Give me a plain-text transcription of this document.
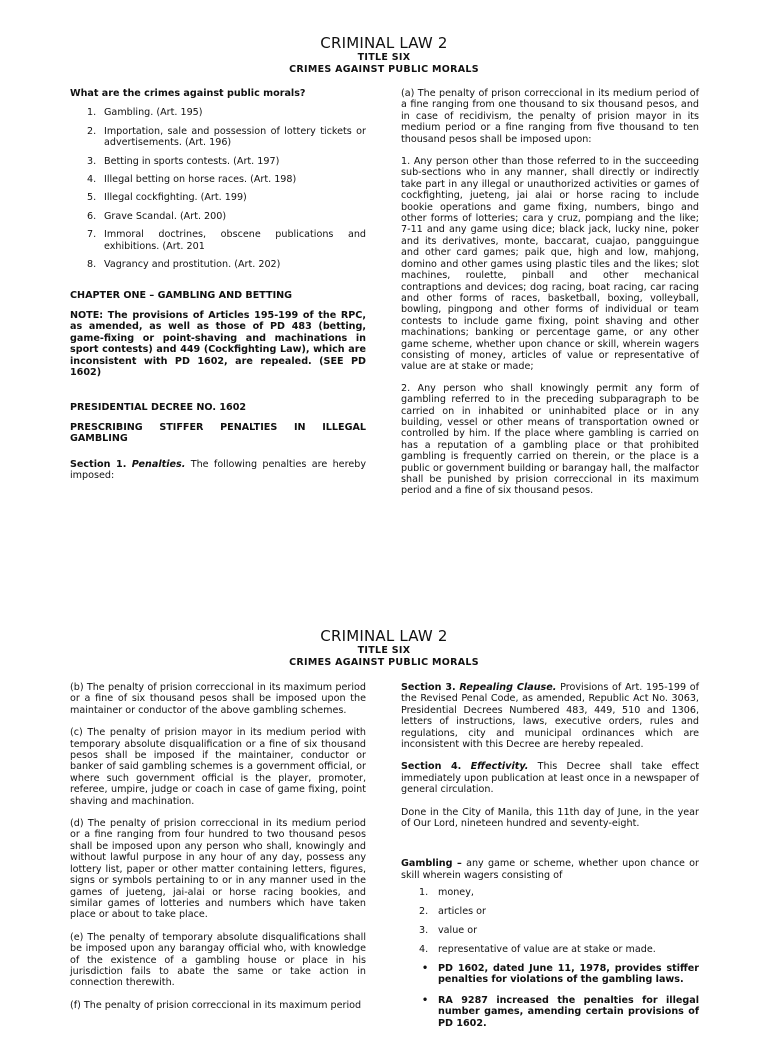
CRIMINAL LAW 2
TITLE SIX
CRIMES AGAINST PUBLIC MORALS

What are the crimes against public morals?

1. Gambling. (Art. 195)
2. Importation, sale and possession of lottery tickets or advertisements. (Art. 196)
3. Betting in sports contests. (Art. 197)
4. Illegal betting on horse races. (Art. 198)
5. Illegal cockfighting. (Art. 199)
6. Grave Scandal. (Art. 200)
7. Immoral doctrines, obscene publications and exhibitions. (Art. 201
8. Vagrancy and prostitution. (Art. 202)

CHAPTER ONE – GAMBLING AND BETTING

NOTE: The provisions of Articles 195-199 of the RPC, as amended, as well as those of PD 483 (betting, game-fixing or point-shaving and machinations in sport contests) and 449 (Cockfighting Law), which are inconsistent with PD 1602, are repealed. (SEE PD 1602)

PRESIDENTIAL DECREE NO. 1602

PRESCRIBING STIFFER PENALTIES IN ILLEGAL GAMBLING

Section 1. Penalties. The following penalties are hereby imposed:

(a) The penalty of prison correccional in its medium period of a fine ranging from one thousand to six thousand pesos, and in case of recidivism, the penalty of prision mayor in its medium period or a fine ranging from five thousand to ten thousand pesos shall be imposed upon:

1. Any person other than those referred to in the succeeding sub-sections who in any manner, shall directly or indirectly take part in any illegal or unauthorized activities or games of cockfighting, jueteng, jai alai or horse racing to include bookie operations and game fixing, numbers, bingo and other forms of lotteries; cara y cruz, pompiang and the like; 7-11 and any game using dice; black jack, lucky nine, poker and its derivatives, monte, baccarat, cuajao, pangguingue and other card games; paik que, high and low, mahjong, domino and other games using plastic tiles and the likes; slot machines, roulette, pinball and other mechanical contraptions and devices; dog racing, boat racing, car racing and other forms of races, basketball, boxing, volleyball, bowling, pingpong and other forms of individual or team contests to include game fixing, point shaving and other machinations; banking or percentage game, or any other game scheme, whether upon chance or skill, wherein wagers consisting of money, articles of value or representative of value are at stake or made;

2. Any person who shall knowingly permit any form of gambling referred to in the preceding subparagraph to be carried on in inhabited or uninhabited place or in any building, vessel or other means of transportation owned or controlled by him. If the place where gambling is carried on has a reputation of a gambling place or that prohibited gambling is frequently carried on therein, or the place is a public or government building or barangay hall, the malfactor shall be punished by prision correccional in its maximum period and a fine of six thousand pesos.

CRIMINAL LAW 2
TITLE SIX
CRIMES AGAINST PUBLIC MORALS

(b) The penalty of prision correccional in its maximum period or a fine of six thousand pesos shall be imposed upon the maintainer or conductor of the above gambling schemes.

(c) The penalty of prision mayor in its medium period with temporary absolute disqualification or a fine of six thousand pesos shall be imposed if the maintainer, conductor or banker of said gambling schemes is a government official, or where such government official is the player, promoter, referee, umpire, judge or coach in case of game fixing, point shaving and machination.

(d) The penalty of prision correccional in its medium period or a fine ranging from four hundred to two thousand pesos shall be imposed upon any person who shall, knowingly and without lawful purpose in any hour of any day, possess any lottery list, paper or other matter containing letters, figures, signs or symbols pertaining to or in any manner used in the games of jueteng, jai-alai or horse racing bookies, and similar games of lotteries and numbers which have taken place or about to take place.

(e) The penalty of temporary absolute disqualifications shall be imposed upon any barangay official who, with knowledge of the existence of a gambling house or place in his jurisdiction fails to abate the same or take action in connection therewith.

(f) The penalty of prision correccional in its maximum period

Section 3. Repealing Clause. Provisions of Art. 195-199 of the Revised Penal Code, as amended, Republic Act No. 3063, Presidential Decrees Numbered 483, 449, 510 and 1306, letters of instructions, laws, executive orders, rules and regulations, city and municipal ordinances which are inconsistent with this Decree are hereby repealed.

Section 4. Effectivity. This Decree shall take effect immediately upon publication at least once in a newspaper of general circulation.

Done in the City of Manila, this 11th day of June, in the year of Our Lord, nineteen hundred and seventy-eight.

Gambling – any game or scheme, whether upon chance or skill wherein wagers consisting of

1. money,
2. articles or
3. value or
4. representative of value are at stake or made.
• PD 1602, dated June 11, 1978, provides stiffer penalties for violations of the gambling laws.
• RA 9287 increased the penalties for illegal number games, amending certain provisions of PD 1602.
